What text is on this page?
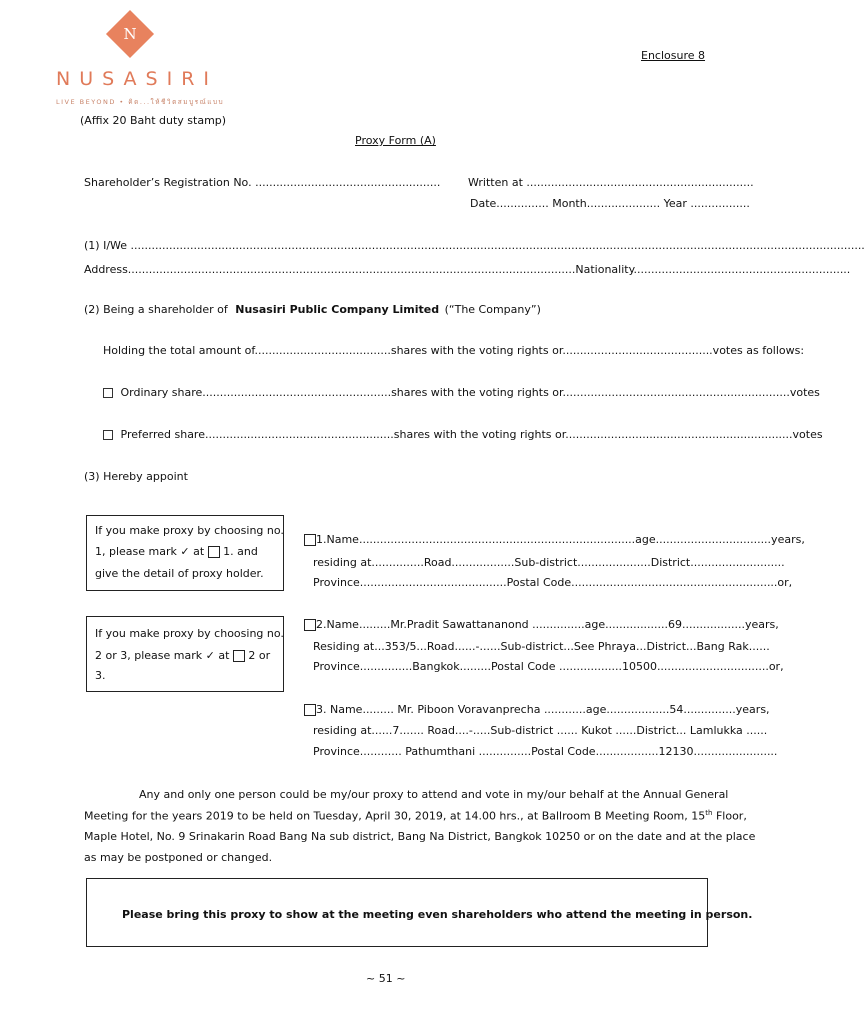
N
NUSASIRI
LIVE BEYOND • คิด...ให้ชีวิตสมบูรณ์แบบ
Enclosure 8
(Affix 20 Baht duty stamp)
Proxy Form (A)
Shareholder’s Registration No. .....................................................	Written at .................................................................
Date............... Month..................... Year .................
(1) I/We ..................................................................................................................................................................................................................
Address................................................................................................................................Nationality..............................................................
(2) Being a shareholder of Nusasiri Public Company Limited (“The Company”)
Holding the total amount of.......................................shares with the voting rights or...........................................votes as follows:
Ordinary share......................................................shares with the voting rights or.................................................................votes
Preferred share......................................................shares with the voting rights or.................................................................votes
(3) Hereby appoint
If you make proxy by choosing no.
1, please mark ✓ at 1. and
give the detail of proxy holder.
If you make proxy by choosing no.
2 or 3, please mark ✓ at 2 or
3.
1.Name...............................................................................age.................................years,
residing at...............Road..................Sub-district.....................District...........................
Province..........................................Postal Code...........................................................or,
2.Name.........Mr.Pradit Sawattananond ...............age..................69..................years,
Residing at...353/5...Road......-......Sub-district...See Phraya...District...Bang Rak......
Province...............Bangkok.........Postal Code ..................10500................................or,
3. Name......... Mr. Piboon Voravanprecha ............age..................54...............years,
residing at......7....... Road....-.....Sub-district ...... Kukot ......District... Lamlukka ......
Province............ Pathumthani ...............Postal Code..................12130........................
Any and only one person could be my/our proxy to attend and vote in my/our behalf at the Annual General
Meeting for the years 2019 to be held on Tuesday, April 30, 2019, at 14.00 hrs., at Ballroom B Meeting Room, 15th Floor,
Maple Hotel, No. 9 Srinakarin Road Bang Na sub district, Bang Na District, Bangkok 10250 or on the date and at the place
as may be postponed or changed.
Please bring this proxy to show at the meeting even shareholders who attend the meeting in person.
~ 51 ~
